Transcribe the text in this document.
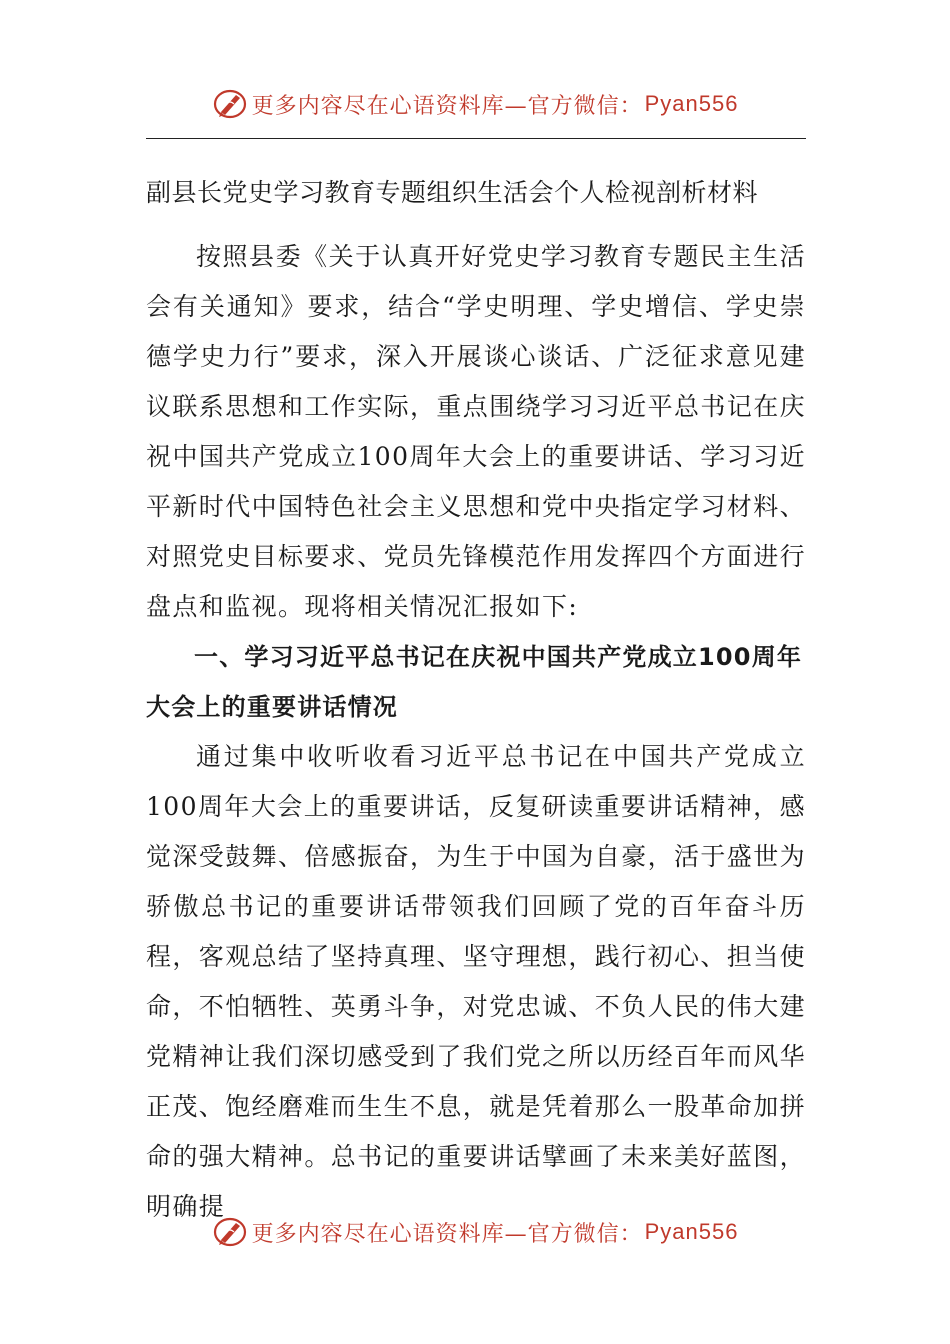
更多内容尽在心语资料库—官方微信： Pyan556

副县长党史学习教育专题组织生活会个人检视剖析材料

按照县委《关于认真开好党史学习教育专题民主生活会有关通知》要求，结合“学史明理、学史增信、学史崇德学史力行”要求，深入开展谈心谈话、广泛征求意见建议联系思想和工作实际，重点围绕学习习近平总书记在庆祝中国共产党成立100周年大会上的重要讲话、学习习近平新时代中国特色社会主义思想和党中央指定学习材料、对照党史目标要求、党员先锋模范作用发挥四个方面进行盘点和监视。现将相关情况汇报如下:

一、学习习近平总书记在庆祝中国共产党成立100周年大会上的重要讲话情况

通过集中收听收看习近平总书记在中国共产党成立100周年大会上的重要讲话，反复研读重要讲话精神，感觉深受鼓舞、倍感振奋，为生于中国为自豪，活于盛世为骄傲总书记的重要讲话带领我们回顾了党的百年奋斗历程，客观总结了坚持真理、坚守理想，践行初心、担当使命，不怕牺牲、英勇斗争，对党忠诚、不负人民的伟大建党精神让我们深切感受到了我们党之所以历经百年而风华正茂、饱经磨难而生生不息，就是凭着那么一股革命加拼命的强大精神。总书记的重要讲话擘画了未来美好蓝图，明确提

更多内容尽在心语资料库—官方微信： Pyan556
